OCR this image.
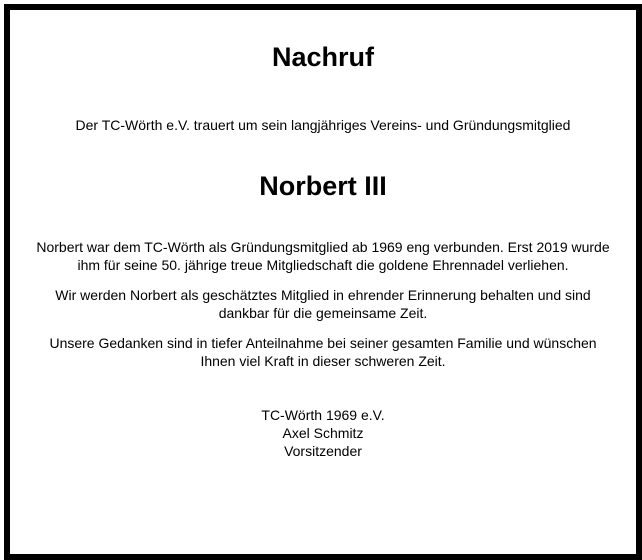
Nachruf
Der TC-Wörth e.V. trauert um sein langjähriges Vereins- und Gründungsmitglied
Norbert III
Norbert war dem TC-Wörth als Gründungsmitglied ab 1969 eng verbunden. Erst 2019 wurde
ihm für seine 50. jährige treue Mitgliedschaft die goldene Ehrennadel verliehen.
Wir werden Norbert als geschätztes Mitglied in ehrender Erinnerung behalten und sind
dankbar für die gemeinsame Zeit.
Unsere Gedanken sind in tiefer Anteilnahme bei seiner gesamten Familie und wünschen
Ihnen viel Kraft in dieser schweren Zeit.
TC-Wörth 1969 e.V.
Axel Schmitz
Vorsitzender
